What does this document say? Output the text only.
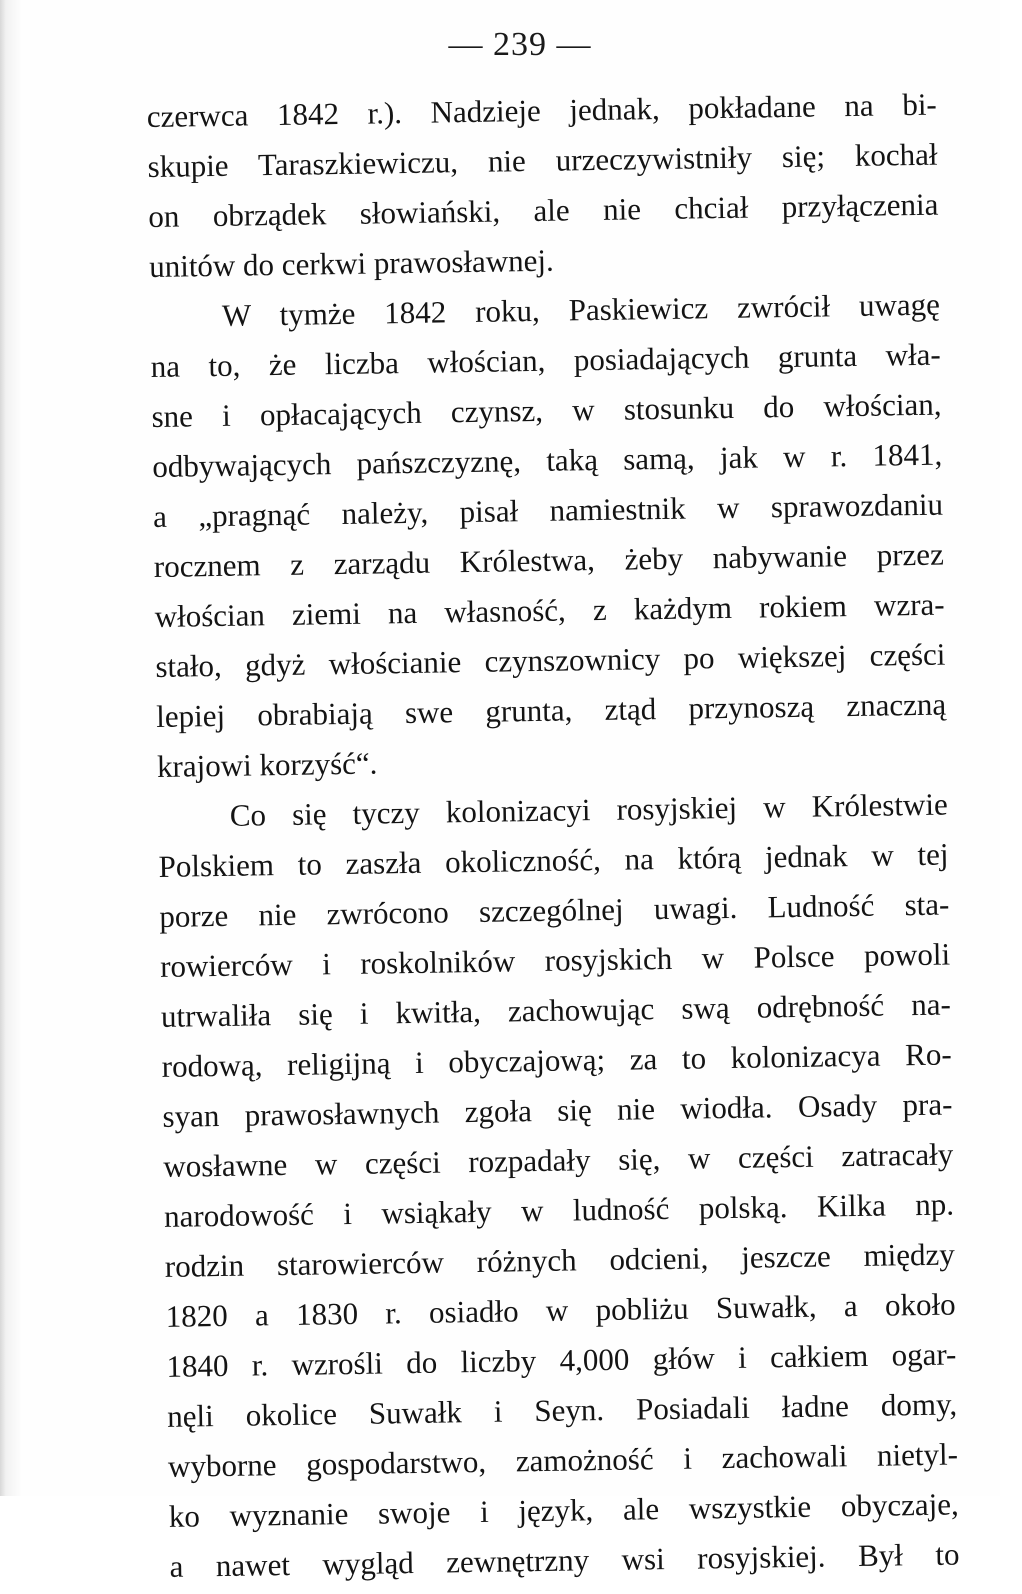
— 239 —
czerwca 1842 r.). Nadzieje jednak, pokładane na bi-
skupie Taraszkiewiczu, nie urzeczywistniły się; kochał
on obrządek słowiański, ale nie chciał przyłączenia
unitów do cerkwi prawosławnej.
W tymże 1842 roku, Paskiewicz zwrócił uwagę
na to, że liczba włościan, posiadających grunta wła-
sne i opłacających czynsz, w stosunku do włościan,
odbywających pańszczyznę, taką samą, jak w r. 1841,
a „pragnąć należy, pisał namiestnik w sprawozdaniu
rocznem z zarządu Królestwa, żeby nabywanie przez
włościan ziemi na własność, z każdym rokiem wzra-
stało, gdyż włościanie czynszownicy po większej części
lepiej obrabiają swe grunta, ztąd przynoszą znaczną
krajowi korzyść“.
Co się tyczy kolonizacyi rosyjskiej w Królestwie
Polskiem to zaszła okoliczność, na którą jednak w tej
porze nie zwrócono szczególnej uwagi. Ludność sta-
rowierców i roskolników rosyjskich w Polsce powoli
utrwaliła się i kwitła, zachowując swą odrębność na-
rodową, religijną i obyczajową; za to kolonizacya Ro-
syan prawosławnych zgoła się nie wiodła. Osady pra-
wosławne w części rozpadały się, w części zatracały
narodowość i wsiąkały w ludność polską. Kilka np.
rodzin starowierców różnych odcieni, jeszcze między
1820 a 1830 r. osiadło w pobliżu Suwałk, a około
1840 r. wzrośli do liczby 4,000 głów i całkiem ogar-
nęli okolice Suwałk i Seyn. Posiadali ładne domy,
wyborne gospodarstwo, zamożność i zachowali nietyl-
ko wyznanie swoje i język, ale wszystkie obyczaje,
a nawet wygląd zewnętrzny wsi rosyjskiej. Był to
